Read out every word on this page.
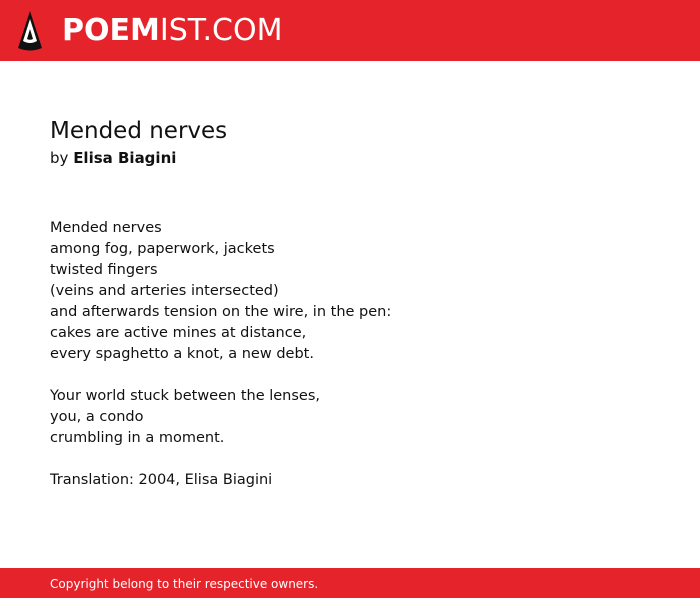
POEM IST.COM
Mended nerves

by Elisa Biagini

Mended nerves
among fog, paperwork, jackets
twisted fingers
(veins and arteries intersected)
and afterwards tension on the wire, in the pen:
cakes are active mines at distance,
every spaghetto a knot, a new debt.

Your world stuck between the lenses,
you, a condo
crumbling in a moment.

Translation: 2004, Elisa Biagini

Copyright belong to their respective owners.
